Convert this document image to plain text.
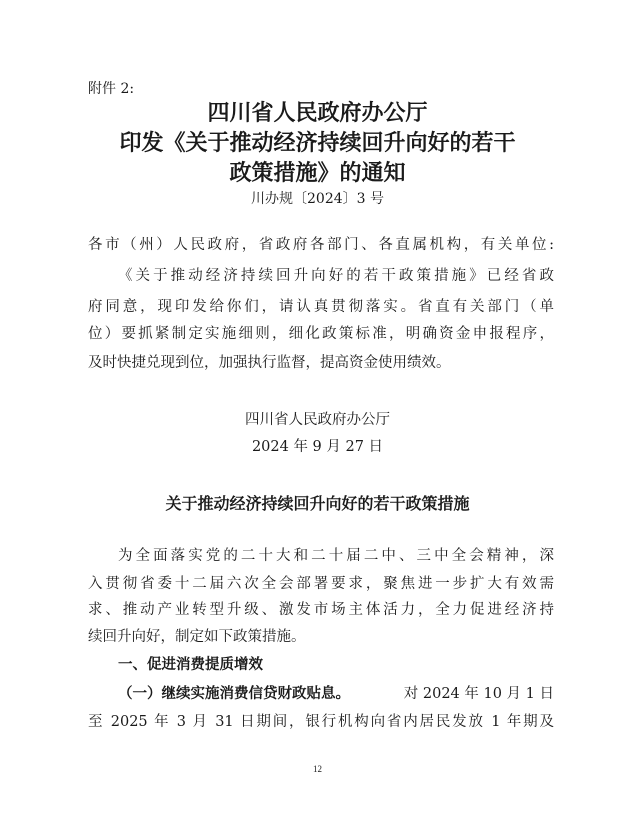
附件 2:
四川省人民政府办公厅
印发《关于推动经济持续回升向好的若干
政策措施》的通知
川办规〔2024〕3 号
各市（州）人民政府，省政府各部门、各直属机构，有关单位:
《关于推动经济持续回升向好的若干政策措施》已经省政
府同意，现印发给你们，请认真贯彻落实。省直有关部门（单
位）要抓紧制定实施细则，细化政策标准，明确资金申报程序，
及时快捷兑现到位，加强执行监督，提高资金使用绩效。
四川省人民政府办公厅
2024 年 9 月 27 日
关于推动经济持续回升向好的若干政策措施
为全面落实党的二十大和二十届二中、三中全会精神，深
入贯彻省委十二届六次全会部署要求，聚焦进一步扩大有效需
求、推动产业转型升级、激发市场主体活力，全力促进经济持
续回升向好，制定如下政策措施。
一、促进消费提质增效
（一）继续实施消费信贷财政贴息。	对 2024 年 10 月 1 日
至 2025 年 3 月 31 日期间，银行机构向省内居民发放 1 年期及
12
